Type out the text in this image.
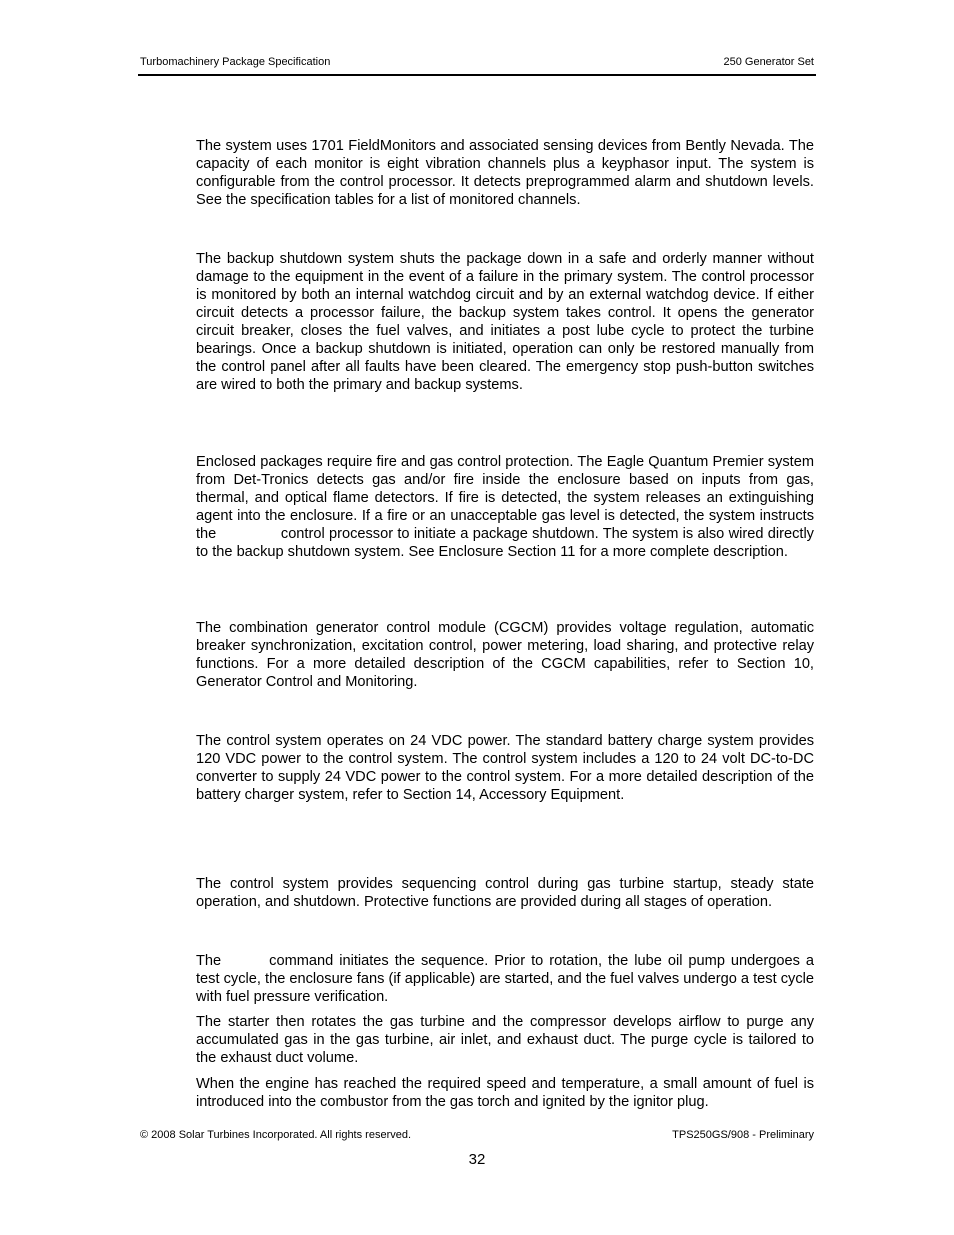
Turbomachinery Package Specification	250 Generator Set

The system uses 1701 FieldMonitors and associated sensing devices from Bently Nevada. The capacity of each monitor is eight vibration channels plus a keyphasor input. The system is configurable from the control processor. It detects preprogrammed alarm and shutdown levels. See the specification tables for a list of monitored channels.

The backup shutdown system shuts the package down in a safe and orderly manner without damage to the equipment in the event of a failure in the primary system. The control processor is monitored by both an internal watchdog circuit and by an external watchdog device. If either circuit detects a processor failure, the backup system takes control. It opens the generator circuit breaker, closes the fuel valves, and initiates a post lube cycle to protect the turbine bearings. Once a backup shutdown is initiated, operation can only be restored manually from the control panel after all faults have been cleared. The emergency stop push-button switches are wired to both the primary and backup systems.

Enclosed packages require fire and gas control protection. The Eagle Quantum Premier system from Det-Tronics detects gas and/or fire inside the enclosure based on inputs from gas, thermal, and optical flame detectors. If fire is detected, the system releases an extinguishing agent into the enclosure. If a fire or an unacceptable gas level is detected, the system instructs the	control processor to initiate a package shutdown. The system is also wired directly to the backup shutdown system. See Enclosure Section 11 for a more complete description.

The combination generator control module (CGCM) provides voltage regulation, automatic breaker synchronization, excitation control, power metering, load sharing, and protective relay functions. For a more detailed description of the CGCM capabilities, refer to Section 10, Generator Control and Monitoring.

The control system operates on 24 VDC power. The standard battery charge system provides 120 VDC power to the control system. The control system includes a 120 to 24 volt DC-to-DC converter to supply 24 VDC power to the control system. For a more detailed description of the battery charger system, refer to Section 14, Accessory Equipment.

The control system provides sequencing control during gas turbine startup, steady state operation, and shutdown. Protective functions are provided during all stages of operation.

The	command initiates the sequence. Prior to rotation, the lube oil pump undergoes a test cycle, the enclosure fans (if applicable) are started, and the fuel valves undergo a test cycle with fuel pressure verification.

The starter then rotates the gas turbine and the compressor develops airflow to purge any accumulated gas in the gas turbine, air inlet, and exhaust duct. The purge cycle is tailored to the exhaust duct volume.

When the engine has reached the required speed and temperature, a small amount of fuel is introduced into the combustor from the gas torch and ignited by the ignitor plug.

© 2008 Solar Turbines Incorporated. All rights reserved.	TPS250GS/908 - Preliminary
32
